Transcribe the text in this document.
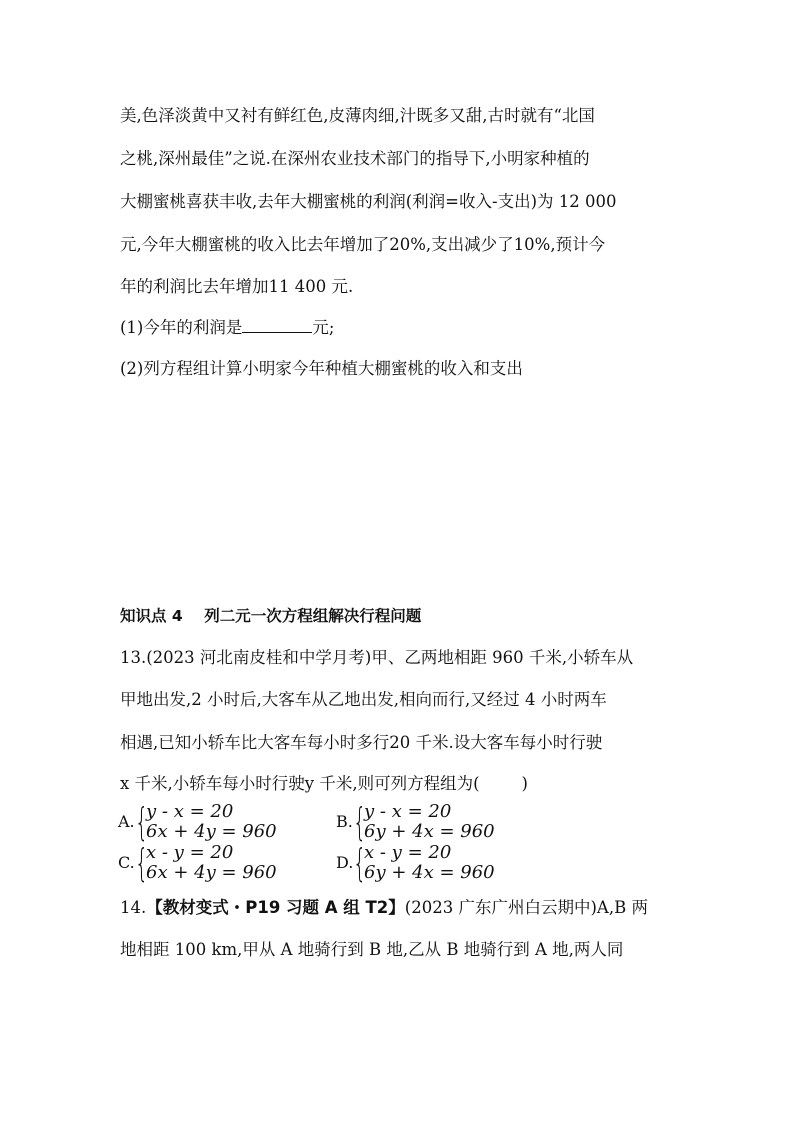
美,色泽淡黄中又衬有鲜红色,皮薄肉细,汁既多又甜,古时就有“北国
之桃,深州最佳”之说.在深州农业技术部门的指导下,小明家种植的
大棚蜜桃喜获丰收,去年大棚蜜桃的利润(利润=收入-支出)为 12 000
元,今年大棚蜜桃的收入比去年增加了20%,支出减少了10%,预计今
年的利润比去年增加11 400 元.
(1)今年的利润是	元;
(2)列方程组计算小明家今年种植大棚蜜桃的收入和支出
知识点 4    列二元一次方程组解决行程问题
13.(2023 河北南皮桂和中学月考)甲、乙两地相距 960 千米,小轿车从
甲地出发,2 小时后,大客车从乙地出发,相向而行,又经过 4 小时两车
相遇,已知小轿车比大客车每小时多行20 千米.设大客车每小时行驶
x 千米,小轿车每小时行驶y 千米,则可列方程组为(        )
A. {
y - x = 20
6x + 4y = 960	B. {
y - x = 20
6y + 4x = 960
C. {
x - y = 20
6x + 4y = 960	D. {
x - y = 20
6y + 4x = 960
14.【教材变式・P19 习题 A 组 T2】(2023 广东广州白云期中)A,B 两
地相距 100 km,甲从 A 地骑行到 B 地,乙从 B 地骑行到 A 地,两人同
